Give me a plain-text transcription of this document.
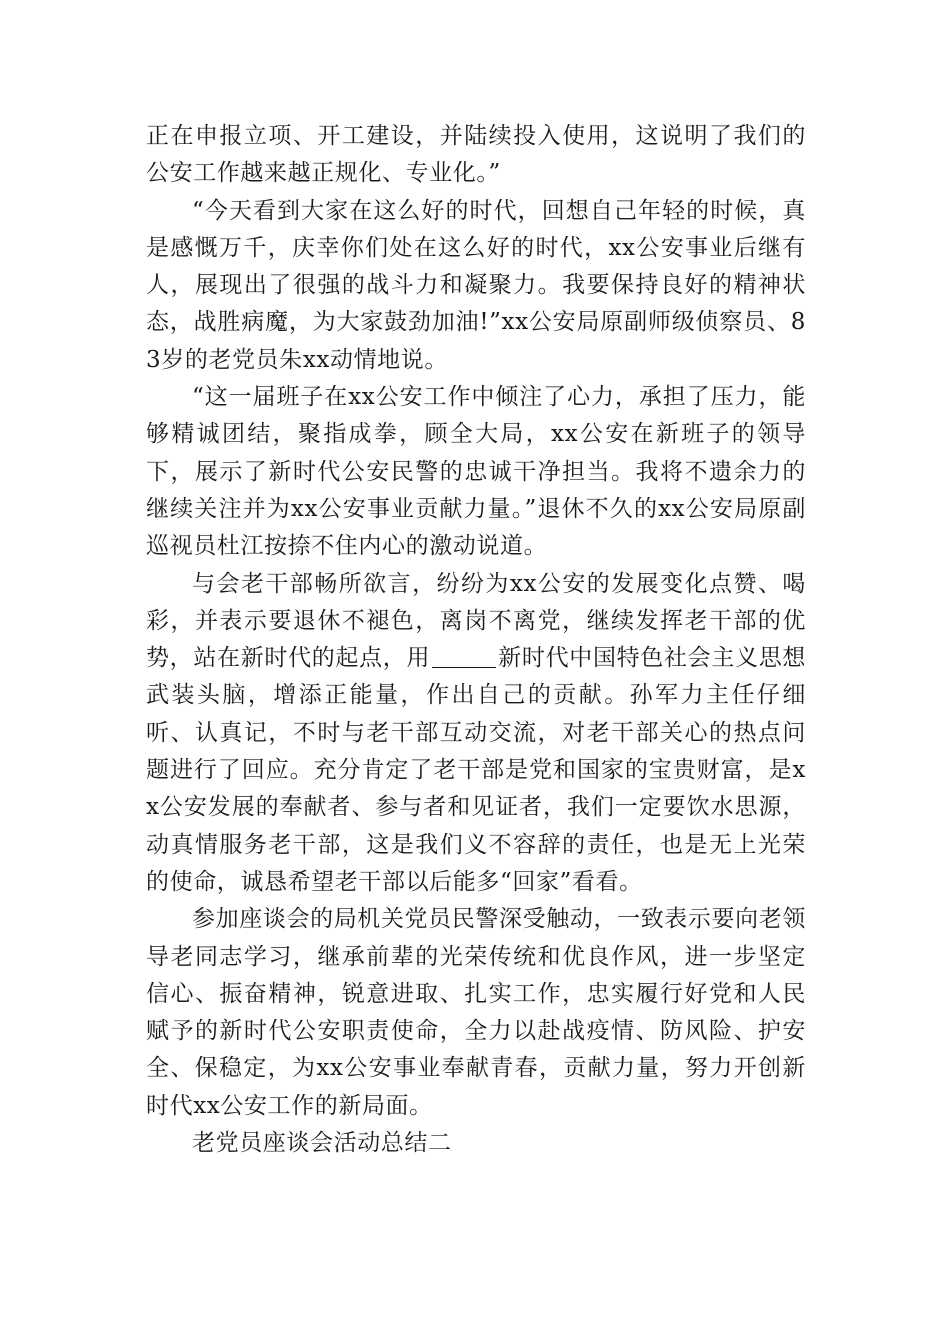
正在申报立项、开工建设，并陆续投入使用，这说明了我们的公安工作越来越正规化、专业化。”

“今天看到大家在这么好的时代，回想自己年轻的时候，真是感慨万千，庆幸你们处在这么好的时代，xx公安事业后继有人，展现出了很强的战斗力和凝聚力。我要保持良好的精神状态，战胜病魔，为大家鼓劲加油!”xx公安局原副师级侦察员、83岁的老党员朱xx动情地说。

“这一届班子在xx公安工作中倾注了心力，承担了压力，能够精诚团结，聚指成拳，顾全大局，xx公安在新班子的领导下，展示了新时代公安民警的忠诚干净担当。我将不遗余力的继续关注并为xx公安事业贡献力量。”退休不久的xx公安局原副巡视员杜江按捺不住内心的激动说道。

与会老干部畅所欲言，纷纷为xx公安的发展变化点赞、喝彩，并表示要退休不褪色，离岗不离党，继续发挥老干部的优势，站在新时代的起点，用	新时代中国特色社会主义思想武装头脑，增添正能量，作出自己的贡献。孙军力主任仔细听、认真记，不时与老干部互动交流，对老干部关心的热点问题进行了回应。充分肯定了老干部是党和国家的宝贵财富，是xx公安发展的奉献者、参与者和见证者，我们一定要饮水思源，动真情服务老干部，这是我们义不容辞的责任，也是无上光荣的使命，诚恳希望老干部以后能多“回家”看看。

参加座谈会的局机关党员民警深受触动，一致表示要向老领导老同志学习，继承前辈的光荣传统和优良作风，进一步坚定信心、振奋精神，锐意进取、扎实工作，忠实履行好党和人民赋予的新时代公安职责使命，全力以赴战疫情、防风险、护安全、保稳定，为xx公安事业奉献青春，贡献力量，努力开创新时代xx公安工作的新局面。

老党员座谈会活动总结二
